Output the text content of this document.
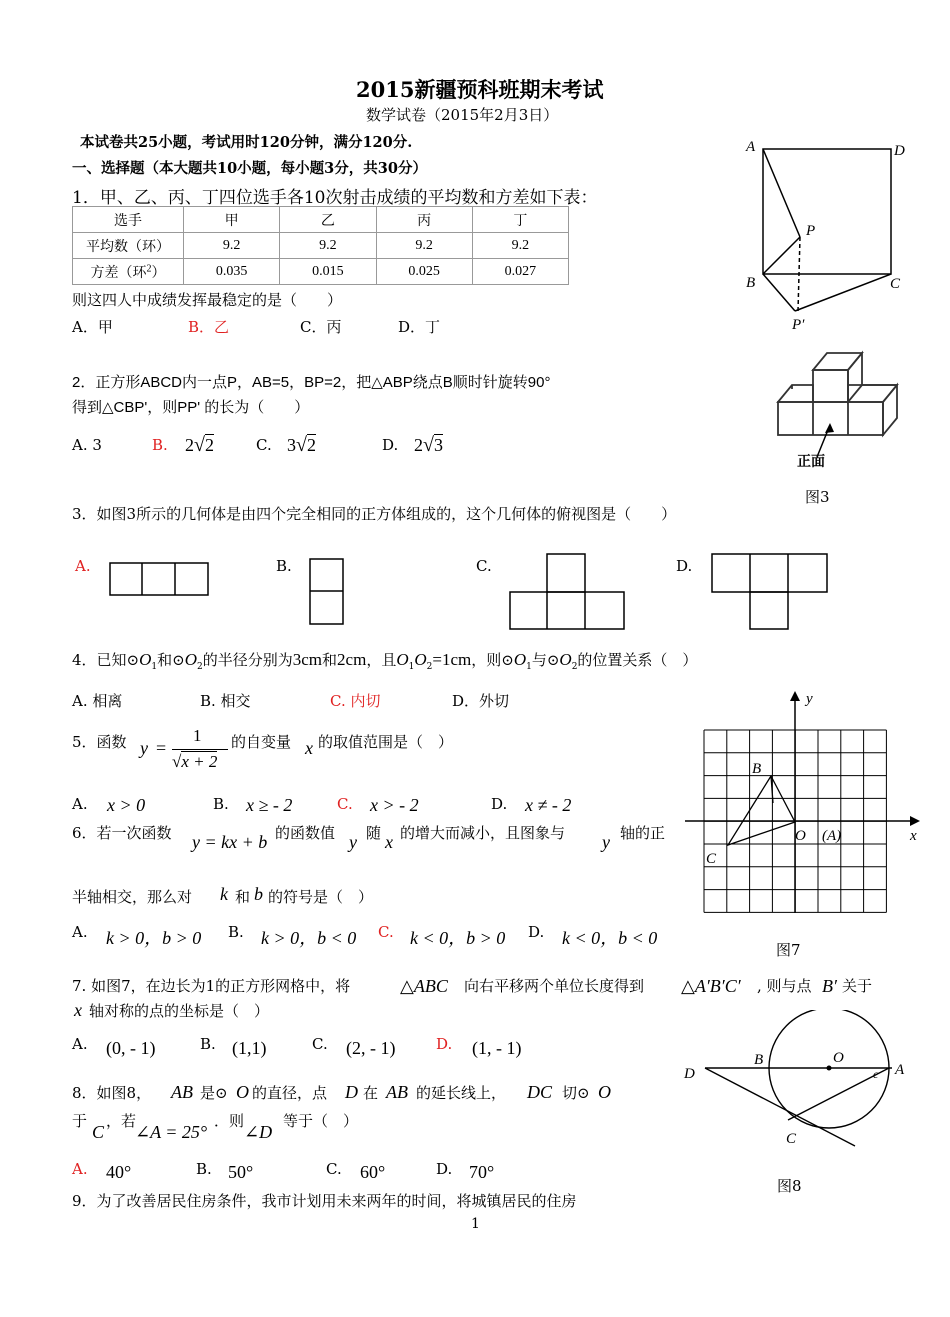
2015新疆预科班期末考试
数学试卷（2015年2月3日）
本试卷共25小题，考试用时120分钟，满分120分.
一、选择题（本大题共10小题，每小题3分，共30分）
1．甲、乙、丙、丁四位选手各10次射击成绩的平均数和方差如下表：
选手	甲	乙	丙	丁
平均数（环）	9.2	9.2	9.2	9.2
方差（环$^2$）	0.035	0.015	0.025	0.027
则这四人中成绩发挥最稳定的是（　　）
A．甲	B．乙	C．丙	D．丁
2．正方形ABCD内一点P，AB=5，BP=2，把△ABP绕点B顺时针旋转90°
得到△CBP'，则PP' 的长为（　　）
A. 3	B. 2√2	C. 3√2	D. 2√3
3．如图3所示的几何体是由四个完全相同的正方体组成的，这个几何体的俯视图是（　　）
A.	B.	C.	D.
4．已知$⊙O_1$和$⊙O_2$的半径分别为3cm和2cm，且$O_1O_2=1cm$，则$⊙O_1$与$⊙O_2$的位置关系（　）
A. 相离	B. 相交	C. 内切	D．外切
5．函数 y =
1
√x + 2
的自变量 x 的取值范围是（　）
A. x > 0	B. x ≥ - 2	C. x > - 2	D. x ≠ - 2
6．若一次函数 y = kx + b 的函数值 y 随 x 的增大而减小，且图象与 y 轴的正
半轴相交，那么对 k 和 b 的符号是（　）
A. k > 0，b > 0 B. k > 0，b < 0 C. k < 0，b > 0 D. k < 0，b < 0
7. 如图7，在边长为1的正方形网格中，将	△ABC 向右平移两个单位长度得到 △A′B′C′ , 则与点 B′ 关于
x 轴对称的点的坐标是（　）
A. (0, - 1)	B. (1,1)	C. (2, - 1)	D. (1, - 1)
8．如图8， AB 是⊙ O 的直径，点 D 在 AB 的延长线上， DC 切⊙ O
于
C
，若
∠A = 25°
．则
∠D
等于（　）
A. 40°	B. 50°	C. 60°	D. 70°
9．为了改善居民住房条件，我市计划用未来两年的时间，将城镇居民的住房
1
A	D
P
B	C
P′
正面
图3
y
x
B
O (A)
C
图7
D
B	O
A
C
c
图8
